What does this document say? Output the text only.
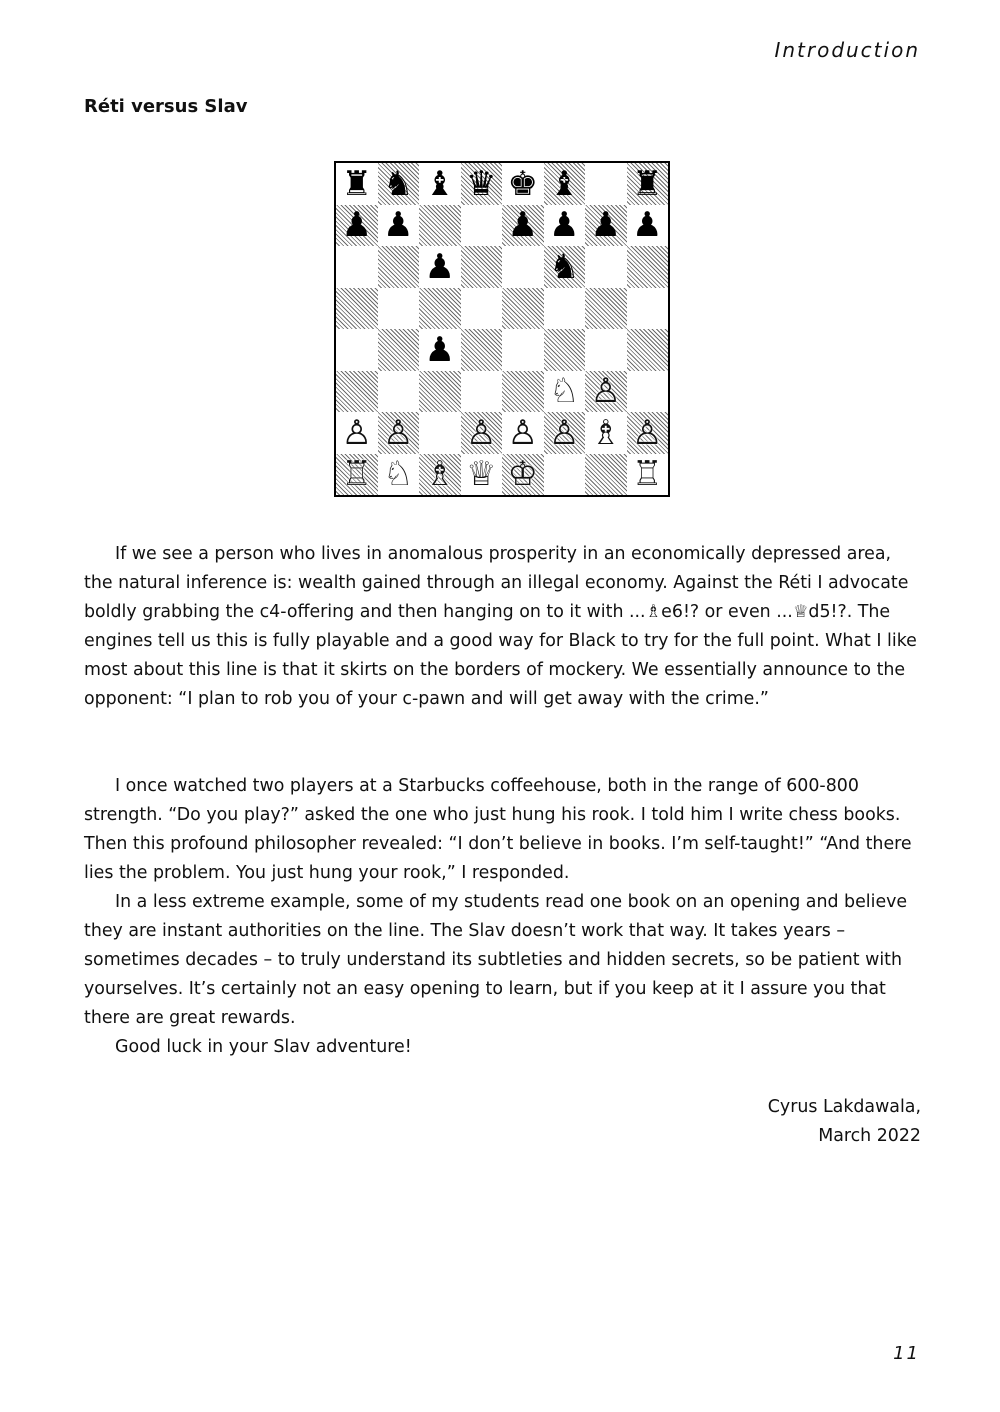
Introduction
Réti versus Slav
♜ ♞ ♝ ♛ ♚ ♝ ♜
♟ ♟	♟ ♟ ♟ ♟
♟	♞
♟
♘ ♙
♙ ♙ ♙ ♙ ♙ ♗ ♙
♖ ♘ ♗ ♕ ♔	♖

If we see a person who lives in anomalous prosperity in an economically depressed area, the natural inference is: wealth gained through an illegal economy. Against the Réti I advocate boldly grabbing the c4-offering and then hanging on to it with ...♗e6!? or even ...♕d5!?. The engines tell us this is fully playable and a good way for Black to try for the full point. What I like most about this line is that it skirts on the borders of mockery. We essentially announce to the opponent: “I plan to rob you of your c-pawn and will get away with the crime.”

I once watched two players at a Starbucks coffeehouse, both in the range of 600-800 strength. “Do you play?” asked the one who just hung his rook. I told him I write chess books. Then this profound philosopher revealed: “I don’t believe in books. I’m self-taught!” “And there lies the problem. You just hung your rook,” I responded.

In a less extreme example, some of my students read one book on an opening and believe they are instant authorities on the line. The Slav doesn’t work that way. It takes years – sometimes decades – to truly understand its subtleties and hidden secrets, so be patient with yourselves. It’s certainly not an easy opening to learn, but if you keep at it I assure you that there are great rewards.

Good luck in your Slav adventure!

Cyrus Lakdawala,
March 2022
11
